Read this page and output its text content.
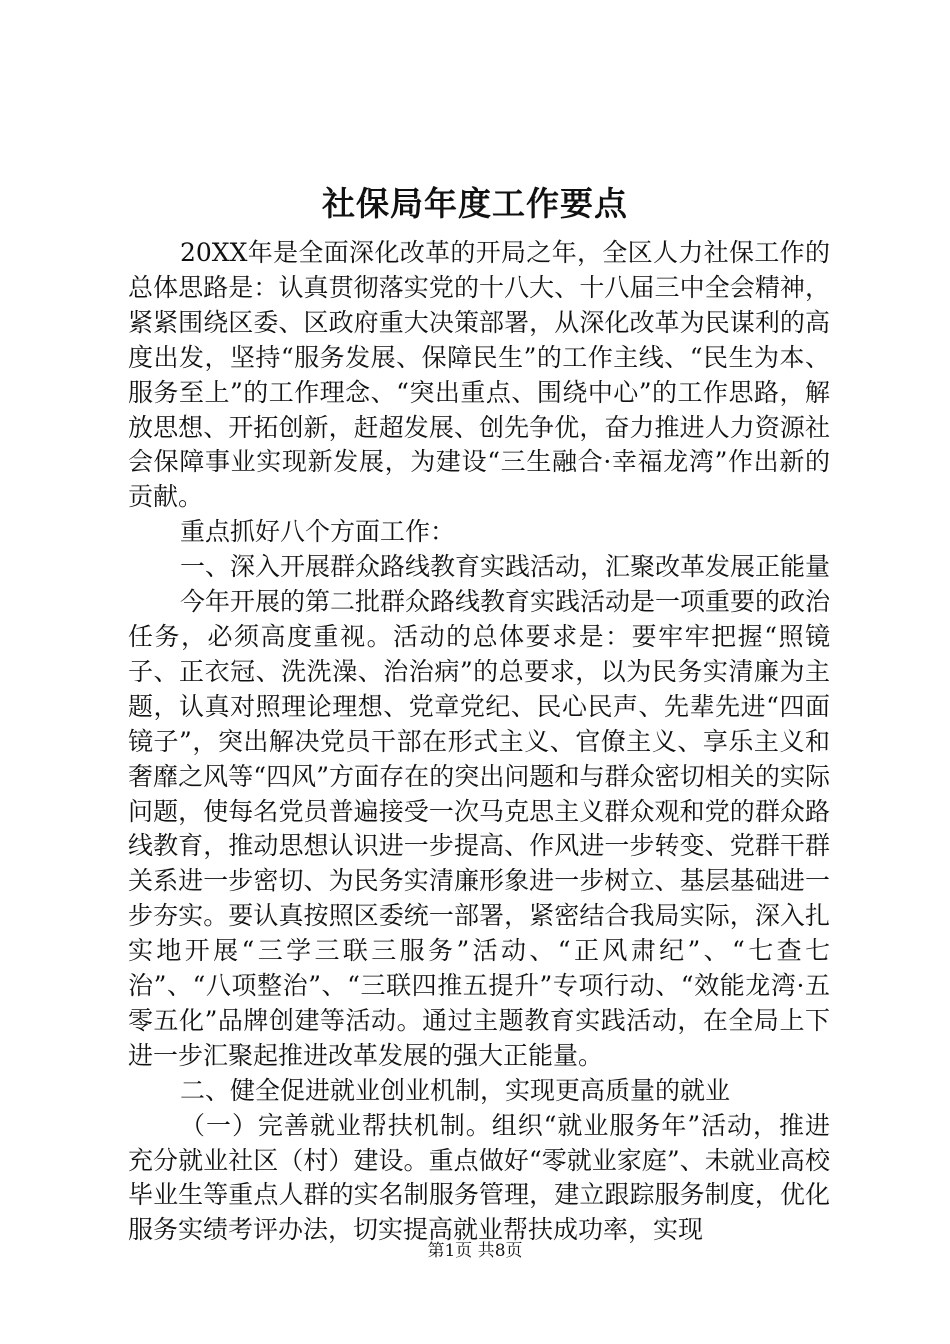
社保局年度工作要点

20XX年是全面深化改革的开局之年，全区人力社保工作的总体思路是：认真贯彻落实党的十八大、十八届三中全会精神，紧紧围绕区委、区政府重大决策部署，从深化改革为民谋利的高度出发，坚持“服务发展、保障民生”的工作主线、“民生为本、服务至上”的工作理念、“突出重点、围绕中心”的工作思路，解放思想、开拓创新，赶超发展、创先争优，奋力推进人力资源社会保障事业实现新发展，为建设“三生融合·幸福龙湾”作出新的贡献。

重点抓好八个方面工作：

一、深入开展群众路线教育实践活动，汇聚改革发展正能量

今年开展的第二批群众路线教育实践活动是一项重要的政治任务，必须高度重视。活动的总体要求是：要牢牢把握“照镜子、正衣冠、洗洗澡、治治病”的总要求，以为民务实清廉为主题，认真对照理论理想、党章党纪、民心民声、先辈先进“四面镜子”，突出解决党员干部在形式主义、官僚主义、享乐主义和奢靡之风等“四风”方面存在的突出问题和与群众密切相关的实际问题，使每名党员普遍接受一次马克思主义群众观和党的群众路线教育，推动思想认识进一步提高、作风进一步转变、党群干群关系进一步密切、为民务实清廉形象进一步树立、基层基础进一步夯实。要认真按照区委统一部署，紧密结合我局实际，深入扎实地开展“三学三联三服务”活动、“正风肃纪”、“七查七治”、“八项整治”、“三联四推五提升”专项行动、“效能龙湾·五零五化”品牌创建等活动。通过主题教育实践活动，在全局上下进一步汇聚起推进改革发展的强大正能量。

二、健全促进就业创业机制，实现更高质量的就业

（一）完善就业帮扶机制。组织“就业服务年”活动，推进充分就业社区（村）建设。重点做好“零就业家庭”、未就业高校毕业生等重点人群的实名制服务管理，建立跟踪服务制度，优化服务实绩考评办法，切实提高就业帮扶成功率，实现

第1页 共8页
